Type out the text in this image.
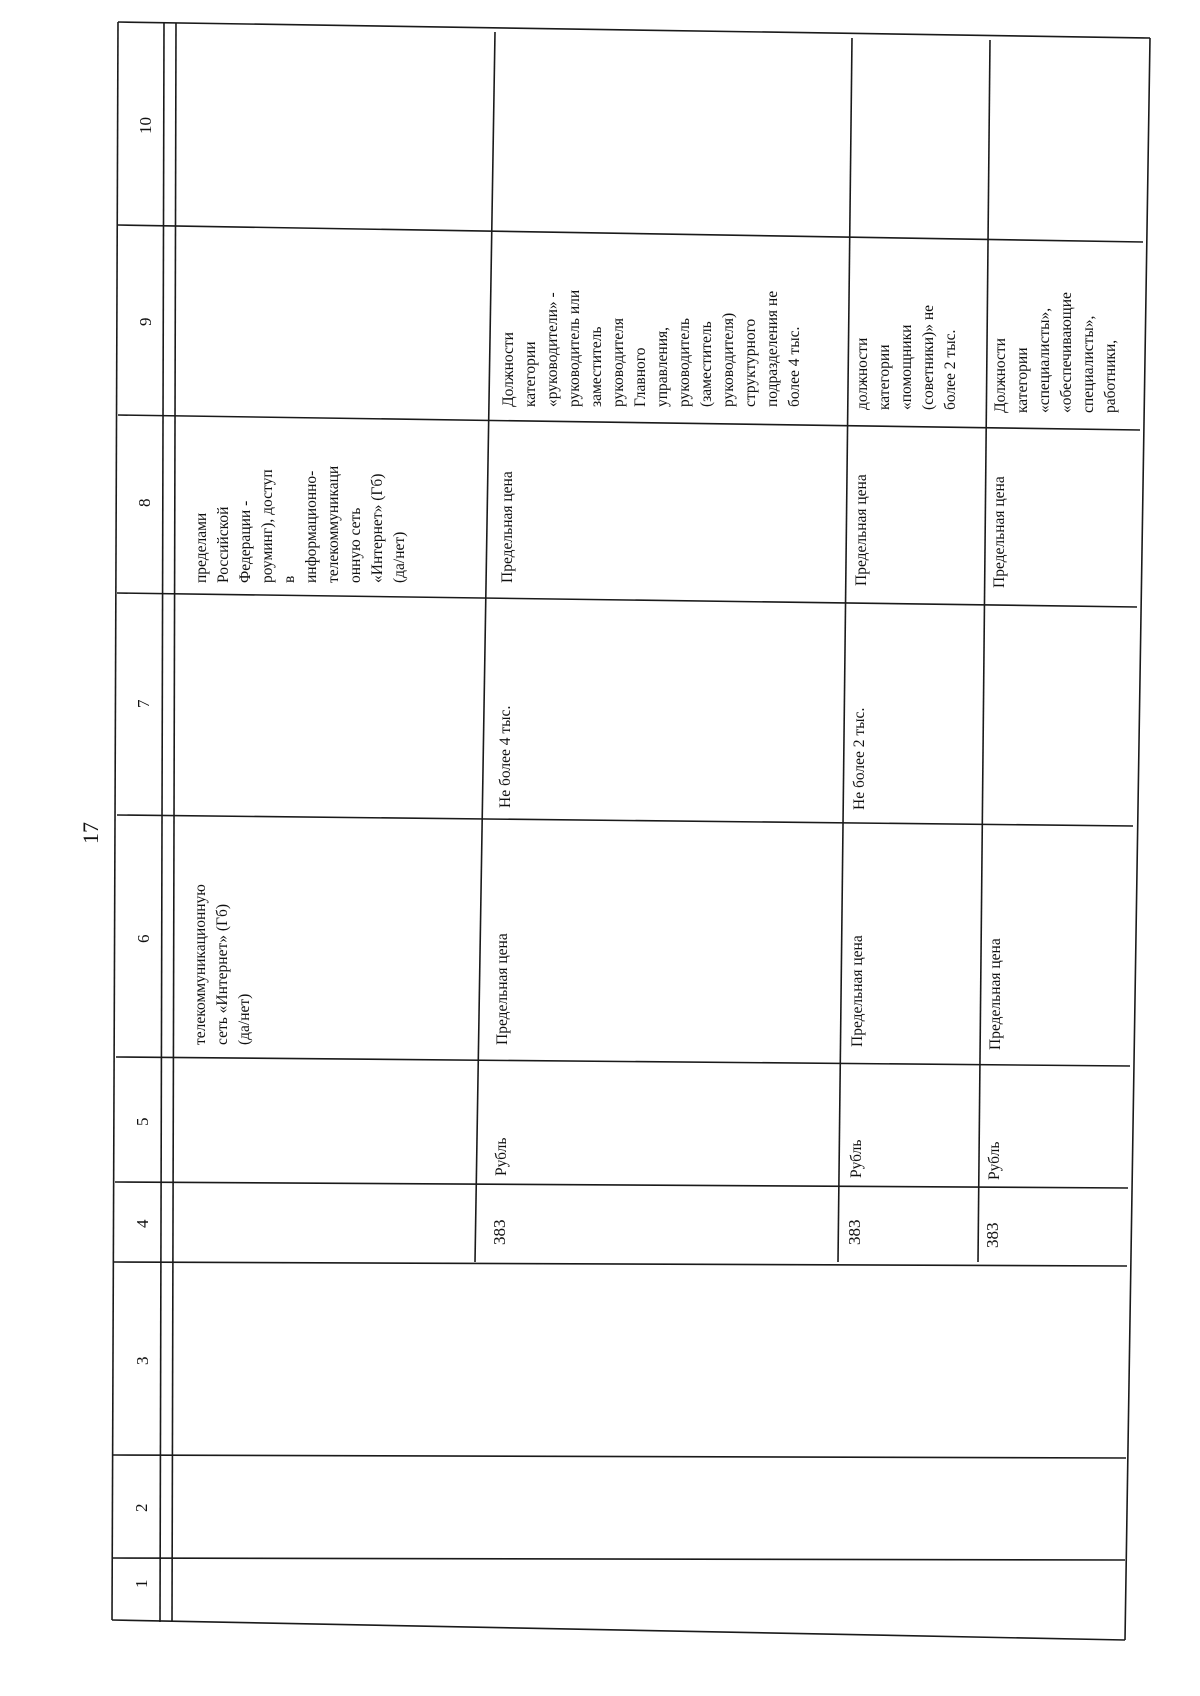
17
1
2
3
4
5
6
7
8
9
10
телекоммуникационную сеть «Интернет» (Гб) (да/нет)
пределами Российской Федерации - роуминг), доступ в информационно- телекоммуникаци онную сеть «Интернет» (Гб) (да/нет)
383
Рубль
Предельная цена
Не более 4 тыс.
Предельная цена
Должности категории «руководители» - руководитель или заместитель руководителя Главного управления, руководитель (заместитель руководителя) структурного подразделения не более 4 тыс.
383
Рубль
Предельная цена
Не более 2 тыс.
Предельная цена
должности категории «помощники (советники)» не более 2 тыс.
383
Рубль
Предельная цена
Предельная цена
Должности категории «специалисты», «обеспечивающие специалисты», работники,
